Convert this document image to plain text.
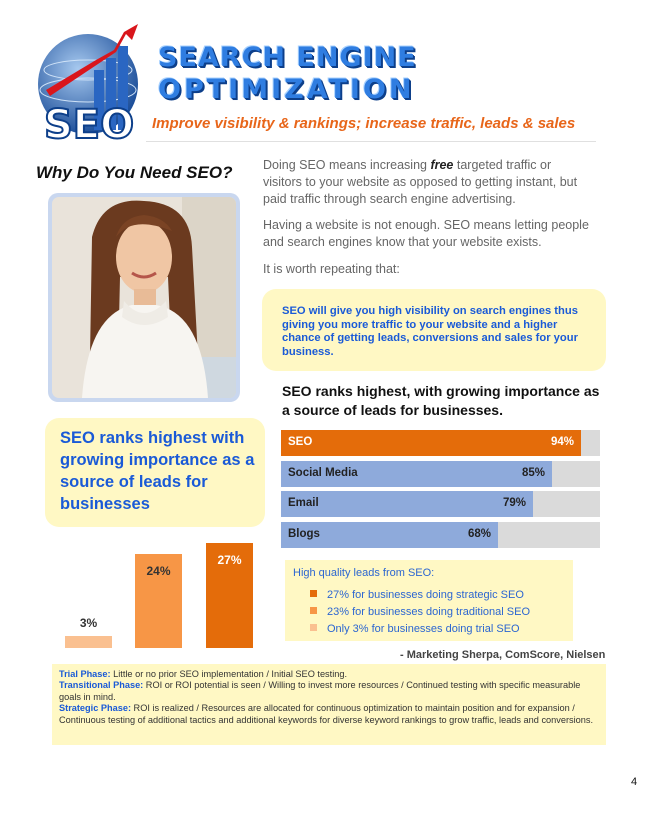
SEO
SEARCH ENGINE
OPTIMIZATION
Improve visibility & rankings; increase traffic, leads & sales
Why Do You Need SEO? Doing SEO means increasing free targeted traffic or visitors to your website as opposed to getting instant, but paid traffic through search engine advertising.
Having a website is not enough. SEO means letting people and search engines know that your website exists.
It is worth repeating that:
SEO will give you high visibility on search engines thus giving you more traffic to your website and a higher chance of getting leads, conversions and sales for your business.
SEO ranks highest, with growing importance as a source of leads for businesses.
SEO ranks highest with growing importance as a source of leads for businesses
SEO	94%
Social Media	85%
Email	79%
Blogs	68%
3%
24%
27%
High quality leads from SEO:
27% for businesses doing strategic SEO
23% for businesses doing traditional SEO
Only 3% for businesses doing trial SEO
- Marketing Sherpa, ComScore, Nielsen
Trial Phase: Little or no prior SEO implementation / Initial SEO testing.
Transitional Phase: ROI or ROI potential is seen / Willing to invest more resources / Continued testing with specific measurable goals in mind.
Strategic Phase: ROI is realized / Resources are allocated for continuous optimization to maintain position and for expansion / Continuous testing of additional tactics and additional keywords for diverse keyword rankings to grow traffic, leads and conversions.
4
